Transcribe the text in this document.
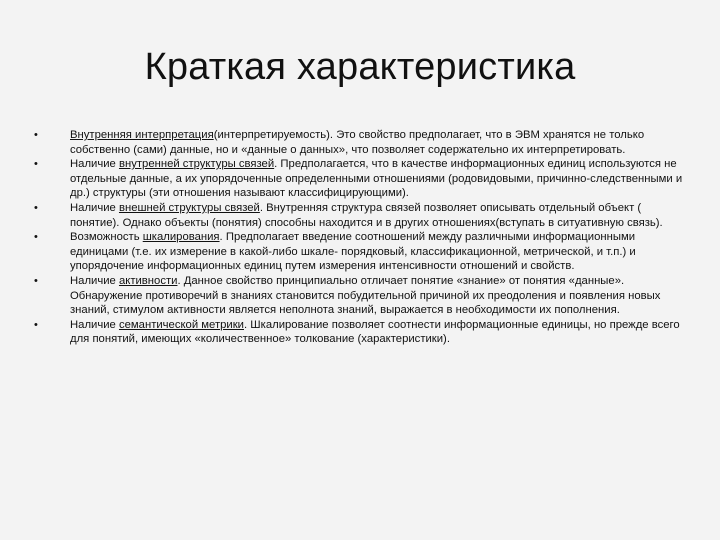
Краткая характеристика
•	Внутренняя интерпретация(интерпретируемость). Это свойство предполагает, что в ЭВМ хранятся не только собственно (сами) данные, но и «данные о данных», что позволяет содержательно их интерпретировать.
•	Наличие внутренней структуры связей. Предполагается, что в качестве информационных единиц используются не отдельные данные, а их упорядоченные определенными отношениями (родовидовыми, причинно-следственными и др.) структуры (эти отношения называют классифицирующими).
•	Наличие внешней структуры связей. Внутренняя структура связей позволяет описывать отдельный объект ( понятие). Однако объекты (понятия) способны находится и в других отношениях(вступать в ситуативную связь).
•	Возможность шкалирования. Предполагает введение соотношений между различными информационными единицами (т.е. их измерение в какой-либо шкале- порядковый, классификационной, метрической, и т.п.) и упорядочение информационных единиц путем измерения интенсивности отношений и свойств.
•	Наличие активности. Данное свойство принципиально отличает понятие «знание» от понятия «данные». Обнаружение противоречий в знаниях становится побудительной причиной их преодоления и появления новых знаний, стимулом активности является неполнота знаний, выражается в необходимости их пополнения.
•	Наличие семантической метрики. Шкалирование позволяет соотнести информационные единицы, но прежде всего для понятий, имеющих «количественное» толкование (характеристики).
